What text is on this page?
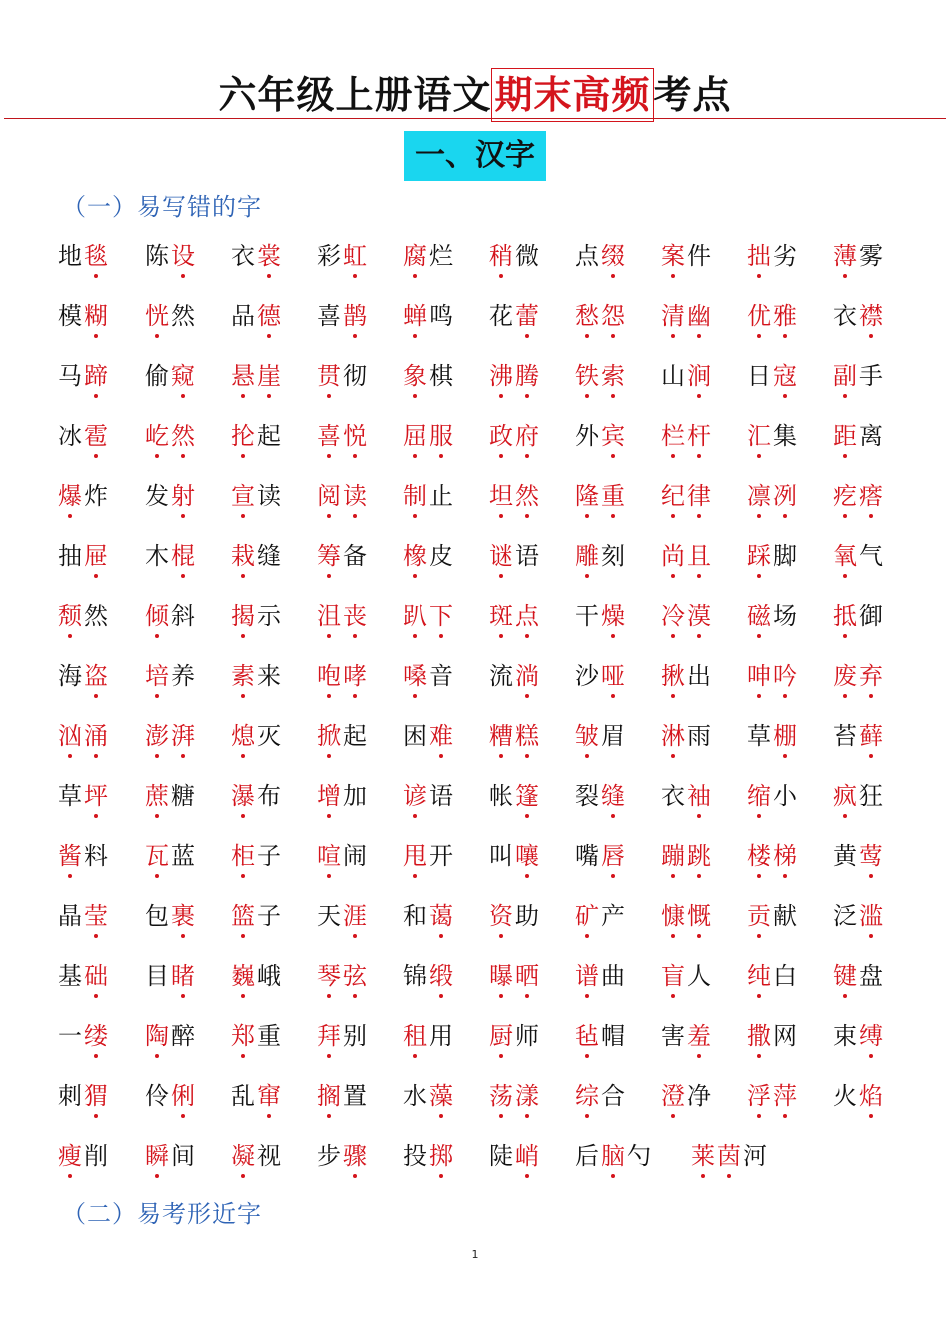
六年级上册语文期末高频考点
一、汉字
（一）易写错的字
地毯 陈设 衣裳 彩虹 腐烂 稍微 点缀 案件 拙劣 薄雾
模糊 恍然 品德 喜鹊 蝉鸣 花蕾 愁怨 清幽 优雅 衣襟
马蹄 偷窥 悬崖 贯彻 象棋 沸腾 铁索 山涧 日寇 副手
冰雹 屹然 抡起 喜悦 屈服 政府 外宾 栏杆 汇集 距离
爆炸 发射 宣读 阅读 制止 坦然 隆重 纪律 凛冽 疙瘩
抽屉 木棍 栽缝 筹备 橡皮 谜语 雕刻 尚且 踩脚 氧气
颓然 倾斜 揭示 沮丧 趴下 斑点 干燥 冷漠 磁场 抵御
海盗 培养 素来 咆哮 嗓音 流淌 沙哑 揪出 呻吟 废弃
汹涌 澎湃 熄灭 掀起 困难 糟糕 皱眉 淋雨 草棚 苔藓
草坪 蔗糖 瀑布 增加 谚语 帐篷 裂缝 衣袖 缩小 疯狂
酱料 瓦蓝 柜子 喧闹 甩开 叫嚷 嘴唇 蹦跳 楼梯 黄莺
晶莹 包裹 篮子 天涯 和蔼 资助 矿产 慷慨 贡献 泛滥
基础 目睹 巍峨 琴弦 锦缎 曝晒 谱曲 盲人 纯白 键盘
一缕 陶醉 郑重 拜别 租用 厨师 毡帽 害羞 撒网 束缚
刺猬 伶俐 乱窜 搁置 水藻 荡漾 综合 澄净 浮萍 火焰
瘦削 瞬间 凝视 步骤 投掷 陡峭 后脑勺 莱茵河
（二）易考形近字
1
